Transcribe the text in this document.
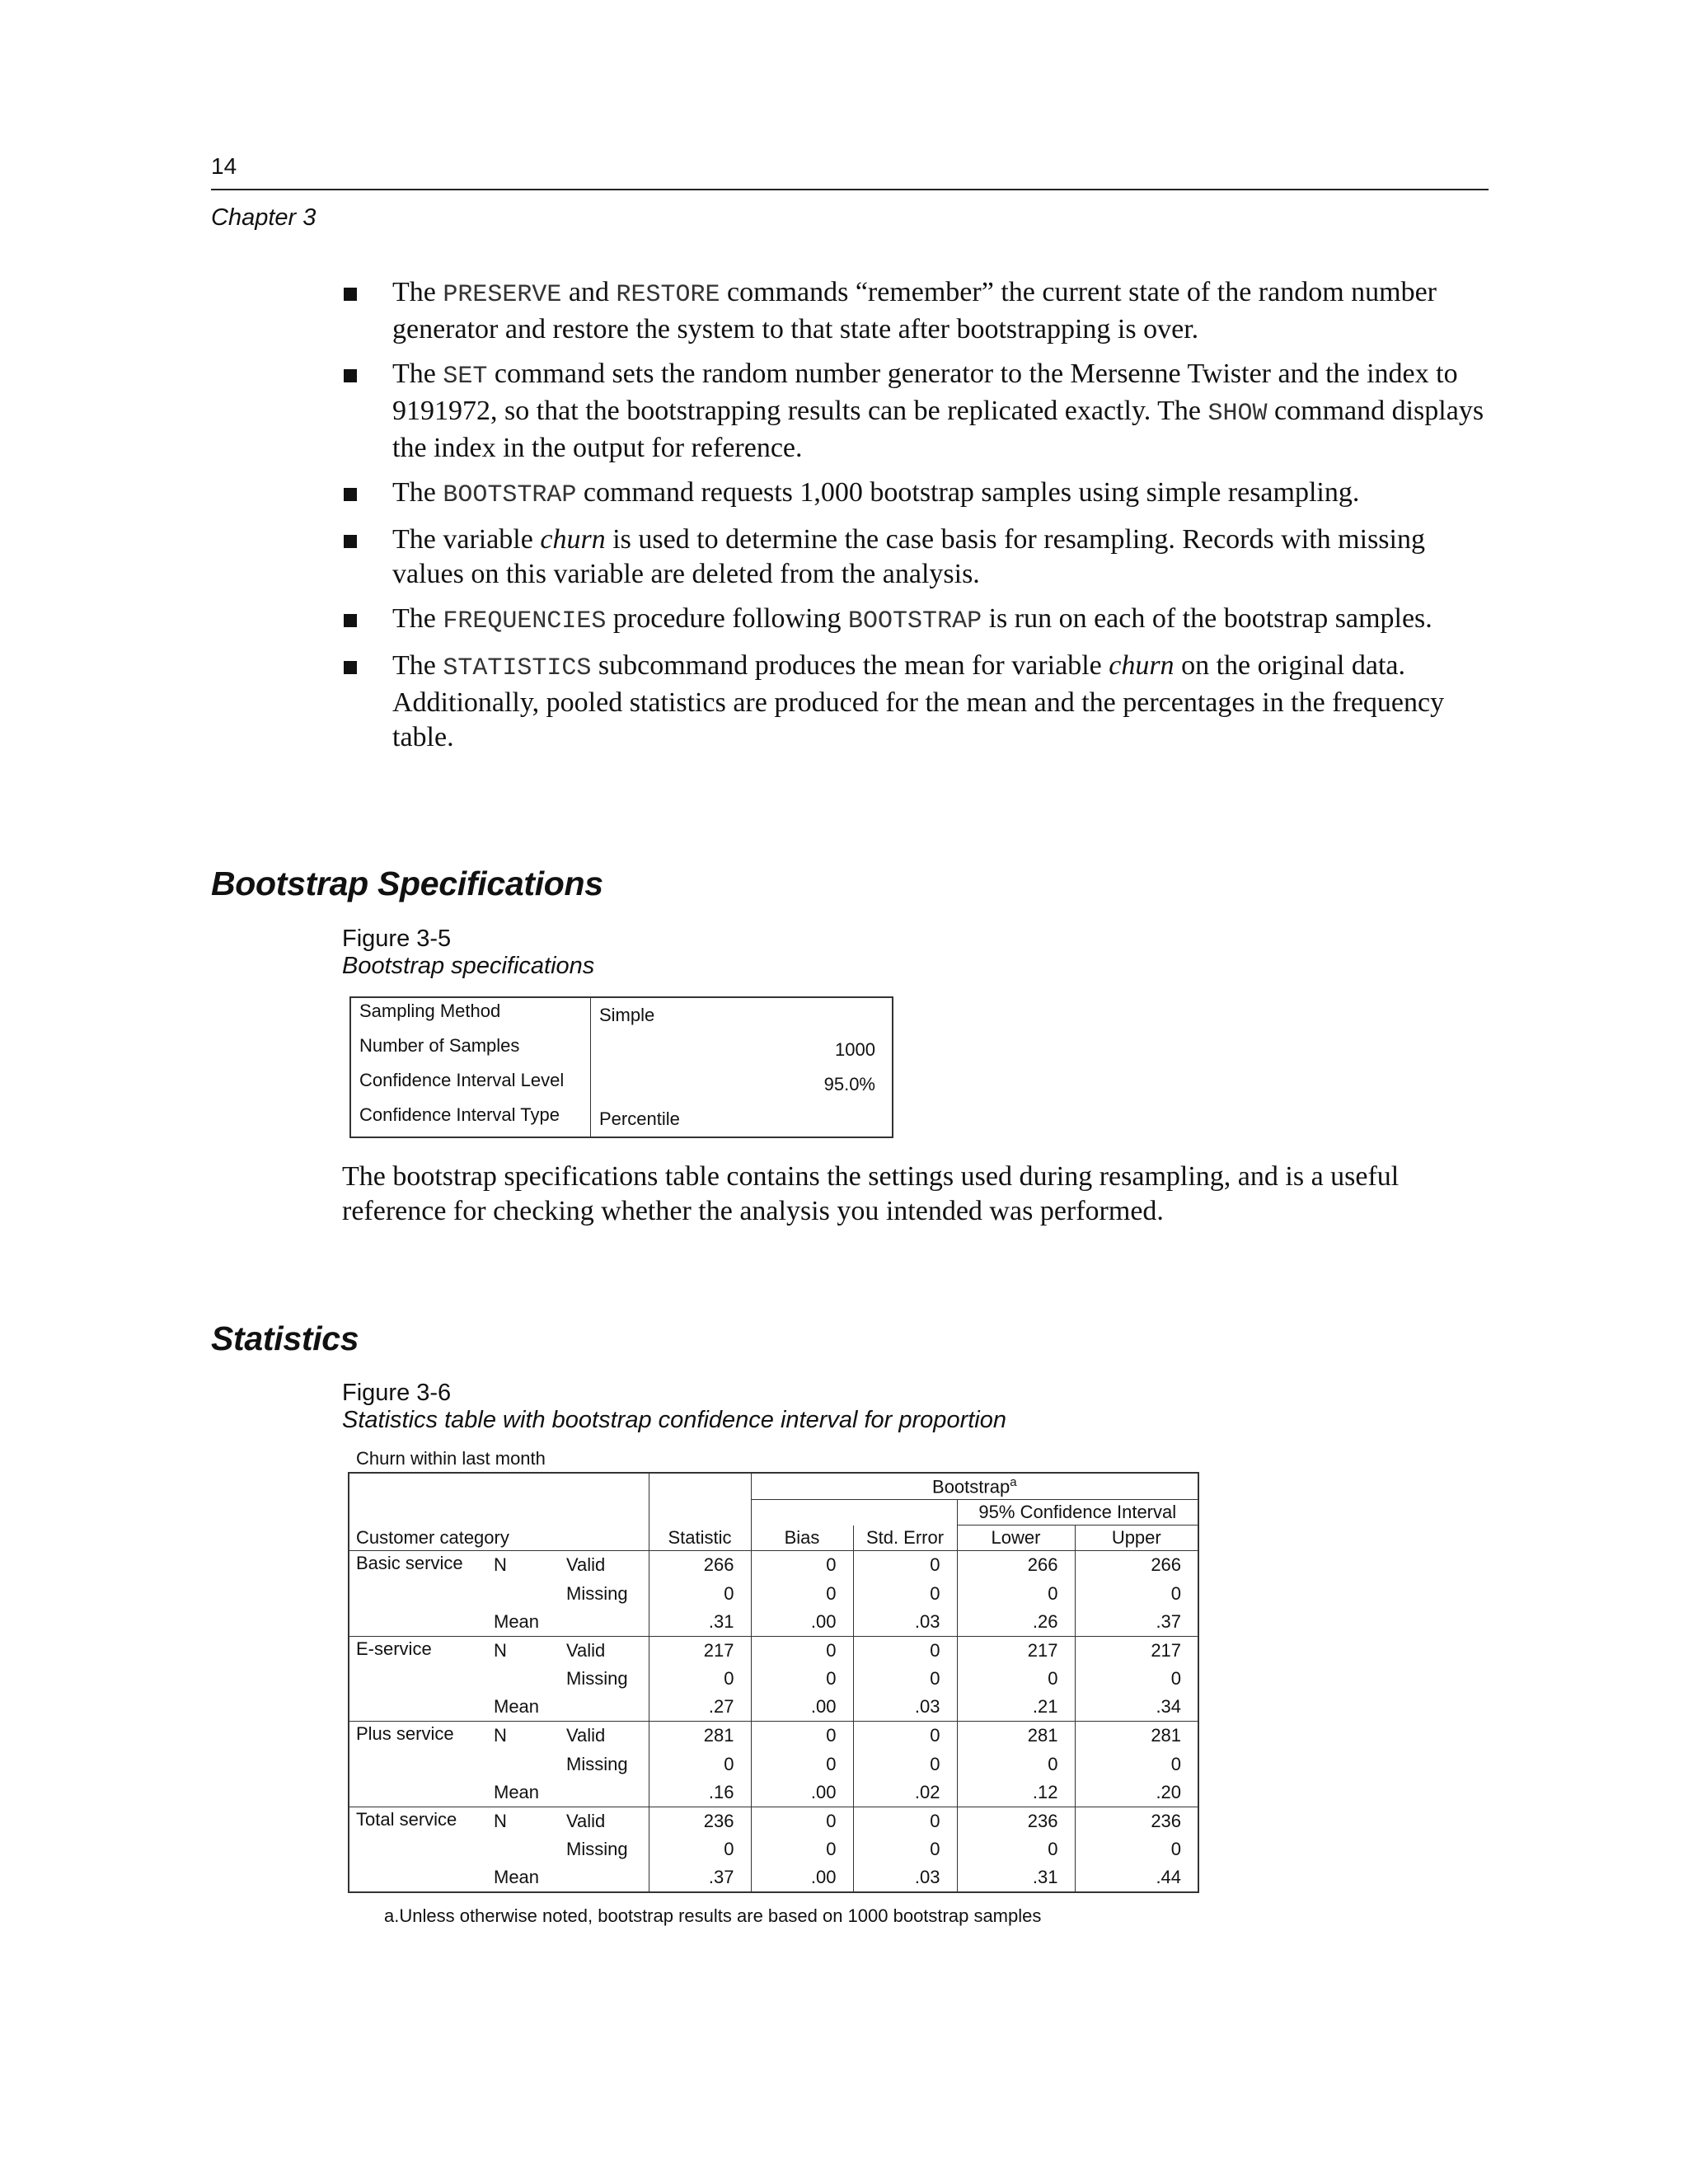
14
Chapter 3
The PRESERVE and RESTORE commands “remember” the current state of the random number generator and restore the system to that state after bootstrapping is over.
The SET command sets the random number generator to the Mersenne Twister and the index to 9191972, so that the bootstrapping results can be replicated exactly. The SHOW command displays the index in the output for reference.
The BOOTSTRAP command requests 1,000 bootstrap samples using simple resampling.
The variable churn is used to determine the case basis for resampling. Records with missing values on this variable are deleted from the analysis.
The FREQUENCIES procedure following BOOTSTRAP is run on each of the bootstrap samples.
The STATISTICS subcommand produces the mean for variable churn on the original data. Additionally, pooled statistics are produced for the mean and the percentages in the frequency table.
Bootstrap Specifications
Figure 3-5
Bootstrap specifications
Sampling Method	Simple
Number of Samples	1000
Confidence Interval Level	95.0%
Confidence Interval Type	Percentile

The bootstrap specifications table contains the settings used during resampling, and is a useful reference for checking whether the analysis you intended was performed.

Statistics
Figure 3-6
Statistics table with bootstrap confidence interval for proportion
Churn within last month
Customer category				Bootstrap$^a$
						95% Confidence Interval	
			Statistic	Bias	Std. Error	Lower	Upper
Basic service	N	Valid	266	0	0	266	266
		Missing	0	0	0	0	0
	Mean		.31	.00	.03	.26	.37
E-service	N	Valid	217	0	0	217	217
		Missing	0	0	0	0	0
	Mean		.27	.00	.03	.21	.34
Plus service	N	Valid	281	0	0	281	281
		Missing	0	0	0	0	0
	Mean		.16	.00	.02	.12	.20
Total service	N	Valid	236	0	0	236	236
		Missing	0	0	0	0	0
	Mean		.37	.00	.03	.31	.44
a.Unless otherwise noted, bootstrap results are based on 1000 bootstrap samples
